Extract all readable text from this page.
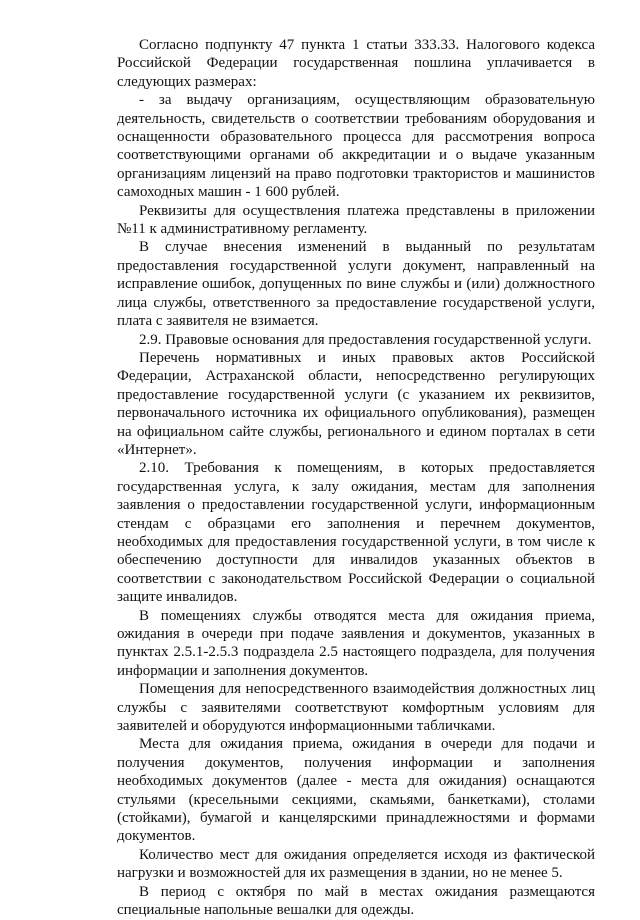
Согласно подпункту 47 пункта 1 статьи 333.33. Налогового кодекса Российской Федерации государственная пошлина уплачивается в следующих размерах:

- за выдачу организациям, осуществляющим образовательную деятельность, свидетельств о соответствии требованиям оборудования и оснащенности образовательного процесса для рассмотрения вопроса соответствующими органами об аккредитации и о выдаче указанным организациям лицензий на право подготовки трактористов и машинистов самоходных машин - 1 600 рублей.

Реквизиты для осуществления платежа представлены в приложении №11 к административному регламенту.

В случае внесения изменений в выданный по результатам предоставления государственной услуги документ, направленный на исправление ошибок, допущенных по вине службы и (или) должностного лица службы, ответственного за предоставление государственой услуги, плата с заявителя не взимается.

2.9. Правовые основания для предоставления государственной услуги.

Перечень нормативных и иных правовых актов Российской Федерации, Астраханской области, непосредственно регулирующих предоставление государственной услуги (с указанием их реквизитов, первоначального источника их официального опубликования), размещен на официальном сайте службы, регионального и едином порталах в сети «Интернет».

2.10. Требования к помещениям, в которых предоставляется государственная услуга, к залу ожидания, местам для заполнения заявления о предоставлении государственной услуги, информационным стендам с образцами его заполнения и перечнем документов, необходимых для предоставления государственной услуги, в том числе к обеспечению доступности для инвалидов указанных объектов в соответствии с законодательством Российской Федерации о социальной защите инвалидов.

В помещениях службы отводятся места для ожидания приема, ожидания в очереди при подаче заявления и документов, указанных в пунктах 2.5.1-2.5.3 подраздела 2.5 настоящего подраздела, для получения информации и заполнения документов.

Помещения для непосредственного взаимодействия должностных лиц службы с заявителями соответствуют комфортным условиям для заявителей и оборудуются информационными табличками.

Места для ожидания приема, ожидания в очереди для подачи и получения документов, получения информации и заполнения необходимых документов (далее - места для ожидания) оснащаются стульями (кресельными секциями, скамьями, банкетками), столами (стойками), бумагой и канцелярскими принадлежностями и формами документов.

Количество мест для ожидания определяется исходя из фактической нагрузки и возможностей для их размещения в здании, но не менее 5.

В период с октября по май в местах ожидания размещаются специальные напольные вешалки для одежды.
